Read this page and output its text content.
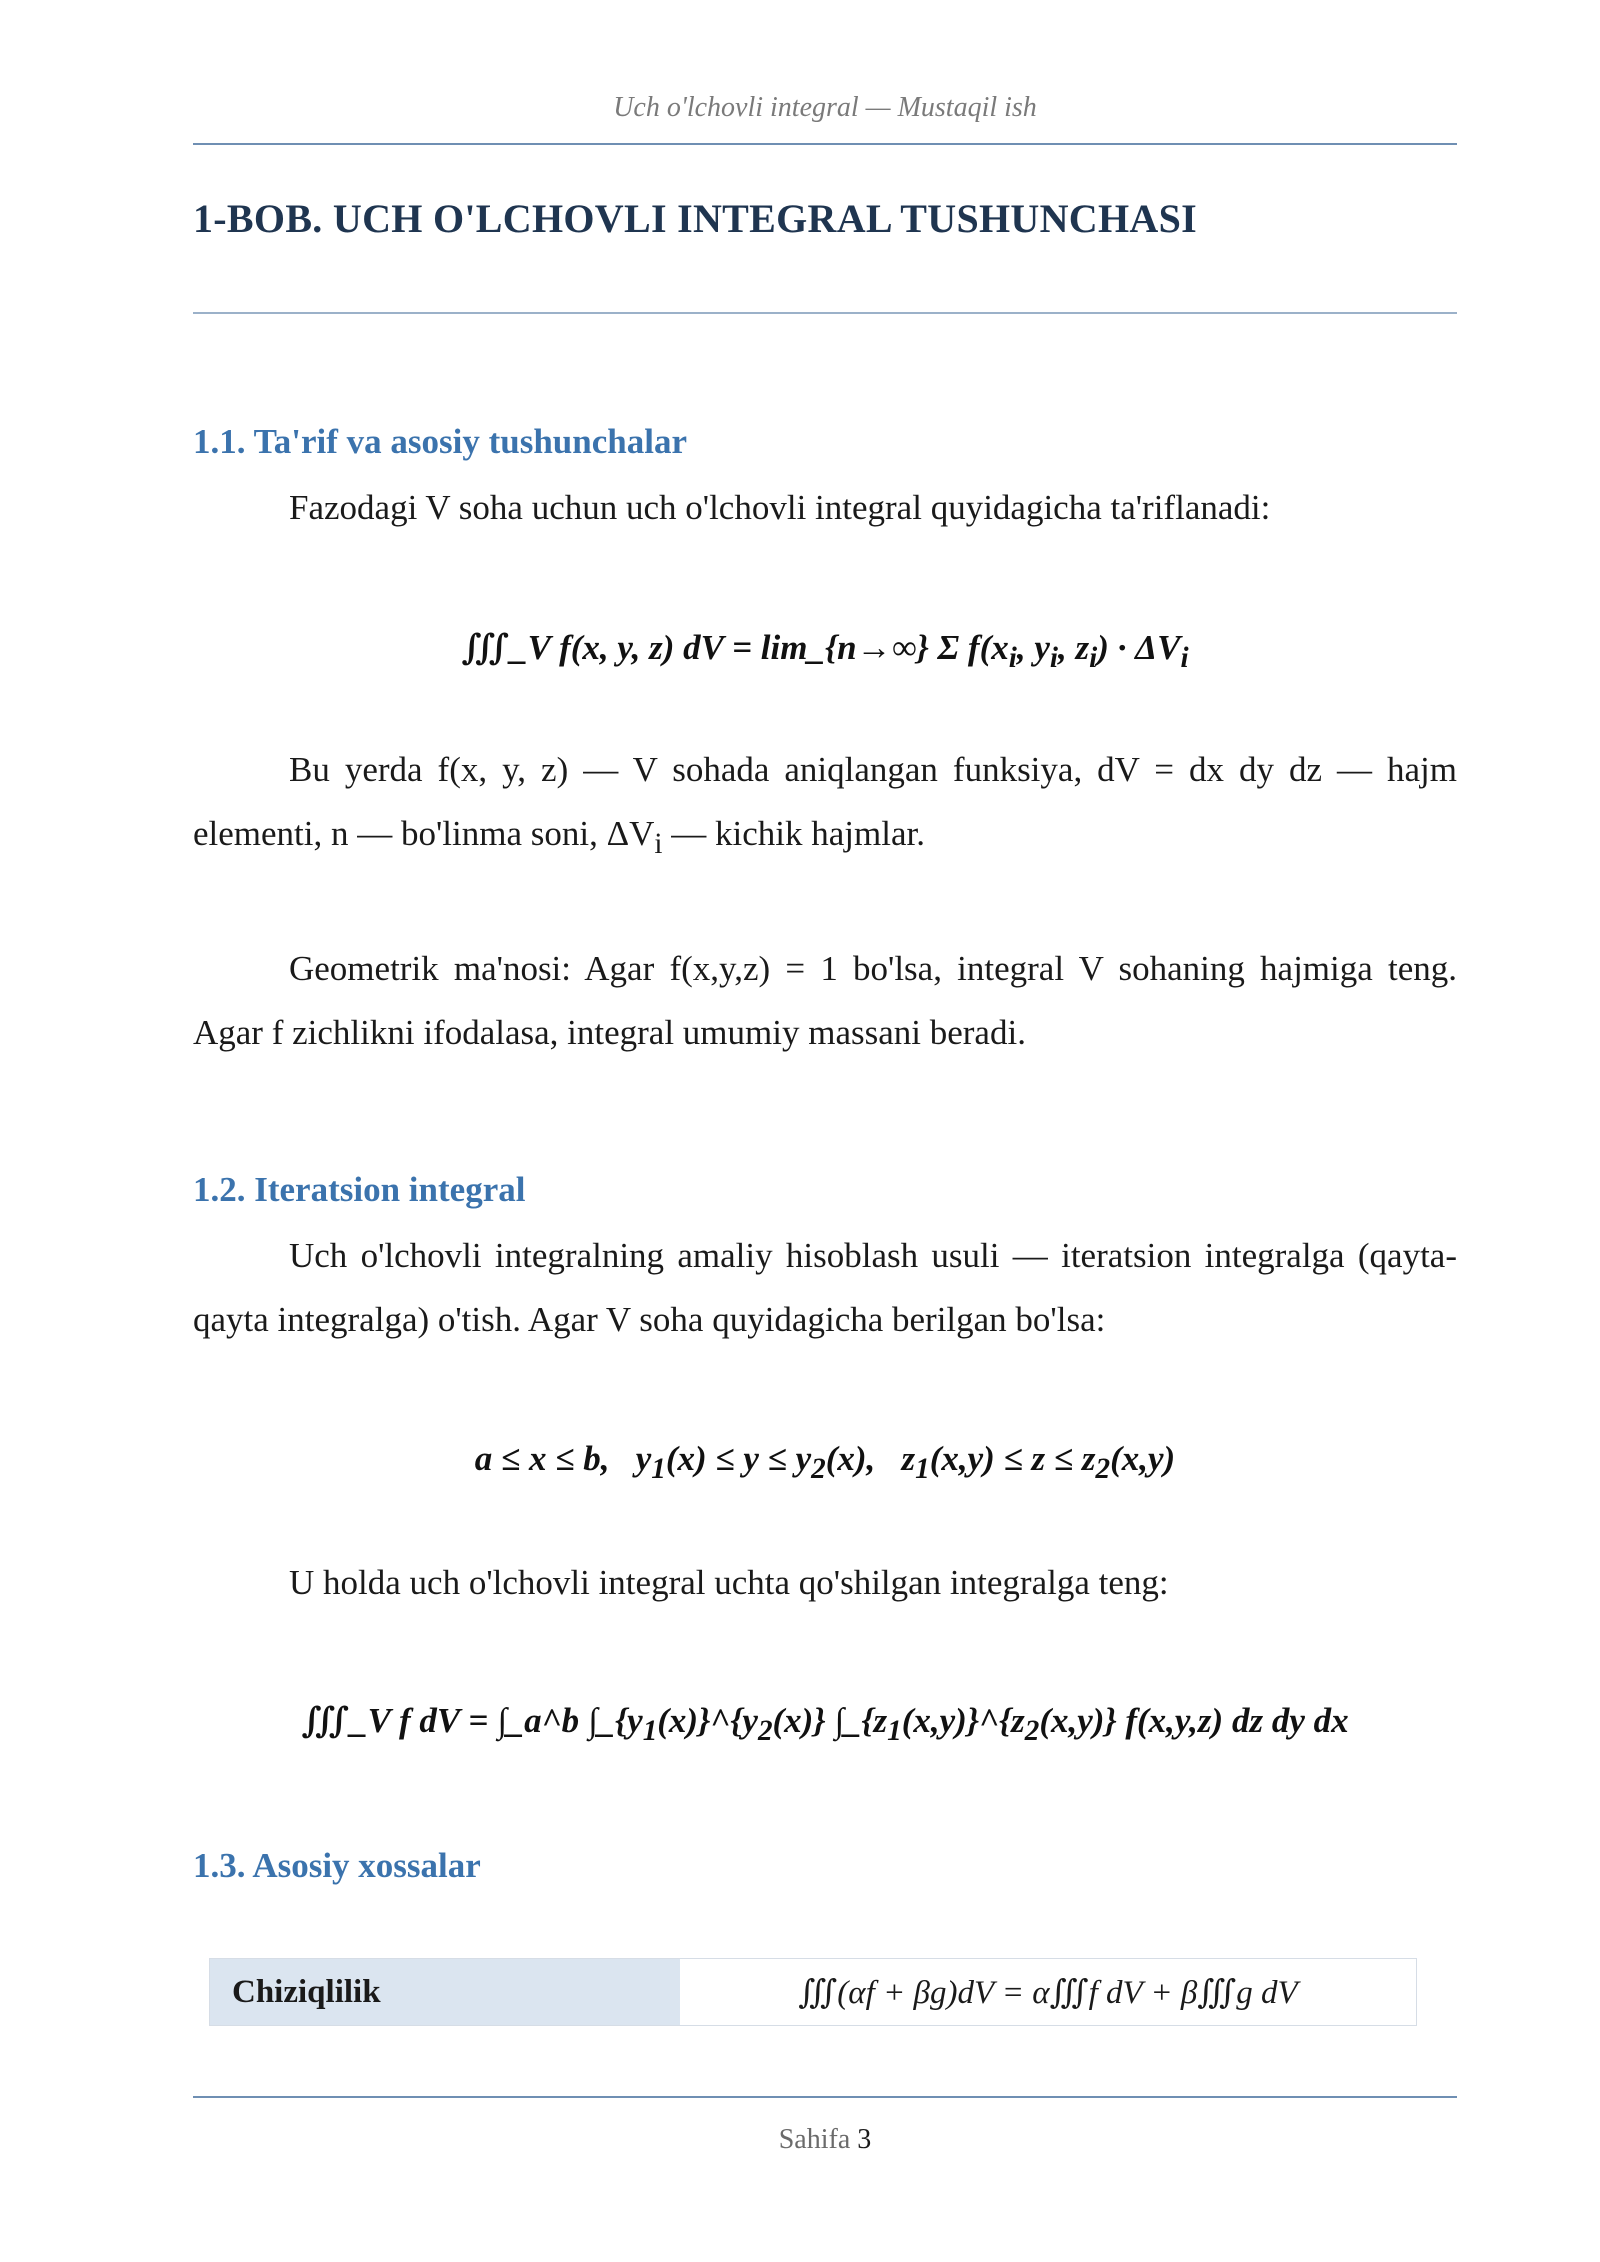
Uch o'lchovli integral — Mustaqil ish
1-BOB. UCH O'LCHOVLI INTEGRAL TUSHUNCHASI
1.1. Ta'rif va asosiy tushunchalar
Fazodagi V soha uchun uch o'lchovli integral quyidagicha ta'riflanadi:
∭_V f(x, y, z) dV = lim_{n→∞} Σ $f(x_i$, $y_i$, $z_i) \cdot \Delta V_i$
Bu yerda f(x, y, z) — V sohada aniqlangan funksiya, dV = dx dy dz — hajm elementi, n — bo'linma soni, $\Delta V_i$ — kichik hajmlar.
Geometrik ma'nosi: Agar f(x,y,z) = 1 bo'lsa, integral V sohaning hajmiga teng. Agar f zichlikni ifodalasa, integral umumiy massani beradi.
1.2. Iteratsion integral
Uch o'lchovli integralning amaliy hisoblash usuli — iteratsion integralga (qayta-qayta integralga) o'tish. Agar V soha quyidagicha berilgan bo'lsa:
a ≤ x ≤ b,   $y_1(x) \le y \le y_2(x)$,   $z_1(x,y) \le z \le z_2(x,y)$
U holda uch o'lchovli integral uchta qo'shilgan integralga teng:
∭_V f dV = ∫_a^b $\int\_\{y_1(x)\}\^{}\{y_2(x)\}$ $\int\_\{z_1(x,y)\}\^{}\{z_2(x,y)\}$ f(x,y,z) dz dy dx
1.3. Asosiy xossalar
Chiziqlilik	∭(αf + βg)dV = α∭f dV + β∭g dV
Sahifa 3
